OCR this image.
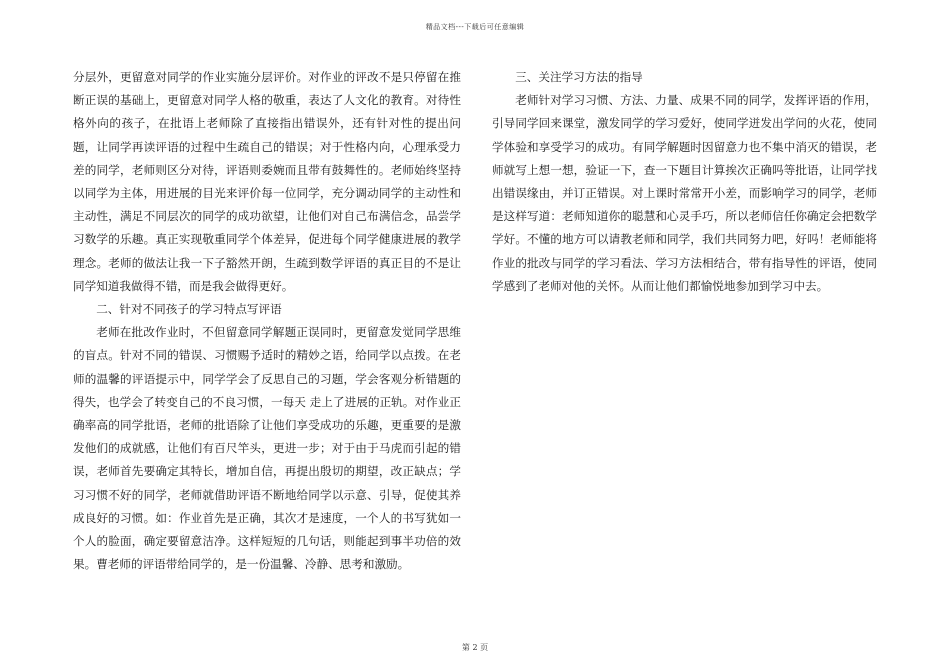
精品文档---下载后可任意编辑

分层外，更留意对同学的作业实施分层评价。对作业的评改不是只停留在推断正误的基础上，更留意对同学人格的敬重，表达了人文化的教育。对待性格外向的孩子，在批语上老师除了直接指出错误外，还有针对性的提出问题，让同学再读评语的过程中生疏自己的错误；对于性格内向，心理承受力差的同学，老师则区分对待，评语则委婉而且带有鼓舞性的。老师始终坚持以同学为主体，用进展的目光来评价每一位同学，充分调动同学的主动性和主动性，满足不同层次的同学的成功欲望，让他们对自己布满信念，品尝学习数学的乐趣。真正实现敬重同学个体差异，促进每个同学健康进展的教学理念。老师的做法让我一下子豁然开朗，生疏到数学评语的真正目的不是让同学知道我做得不错，而是我会做得更好。

二、针对不同孩子的学习特点写评语

老师在批改作业时，不但留意同学解题正误同时，更留意发觉同学思维的盲点。针对不同的错误、习惯赐予适时的精妙之语，给同学以点拨。在老师的温馨的评语提示中，同学学会了反思自己的习题，学会客观分析错题的得失，也学会了转变自己的不良习惯，一每天 走上了进展的正轨。对作业正确率高的同学批语，老师的批语除了让他们享受成功的乐趣，更重要的是激发他们的成就感，让他们有百尺竿头，更进一步；对于由于马虎而引起的错误，老师首先要确定其特长，增加自信，再提出殷切的期望，改正缺点；学习习惯不好的同学，老师就借助评语不断地给同学以示意、引导，促使其养成良好的习惯。如：作业首先是正确，其次才是速度，一个人的书写犹如一个人的脸面，确定要留意洁净。这样短短的几句话，则能起到事半功倍的效果。曹老师的评语带给同学的，是一份温馨、冷静、思考和激励。

三、关注学习方法的指导

老师针对学习习惯、方法、力量、成果不同的同学，发挥评语的作用，引导同学回来课堂，激发同学的学习爱好，使同学迸发出学问的火花，使同学体验和享受学习的成功。有同学解题时因留意力也不集中消灭的错误，老师就写上想一想，验证一下，查一下题目计算挨次正确吗等批语，让同学找出错误缘由，并订正错误。对上课时常常开小差，而影响学习的同学，老师是这样写道：老师知道你的聪慧和心灵手巧，所以老师信任你确定会把数学学好。不懂的地方可以请教老师和同学，我们共同努力吧，好吗！老师能将作业的批改与同学的学习看法、学习方法相结合，带有指导性的评语，使同学感到了老师对他的关怀。从而让他们都愉悦地参加到学习中去。

第 2 页
